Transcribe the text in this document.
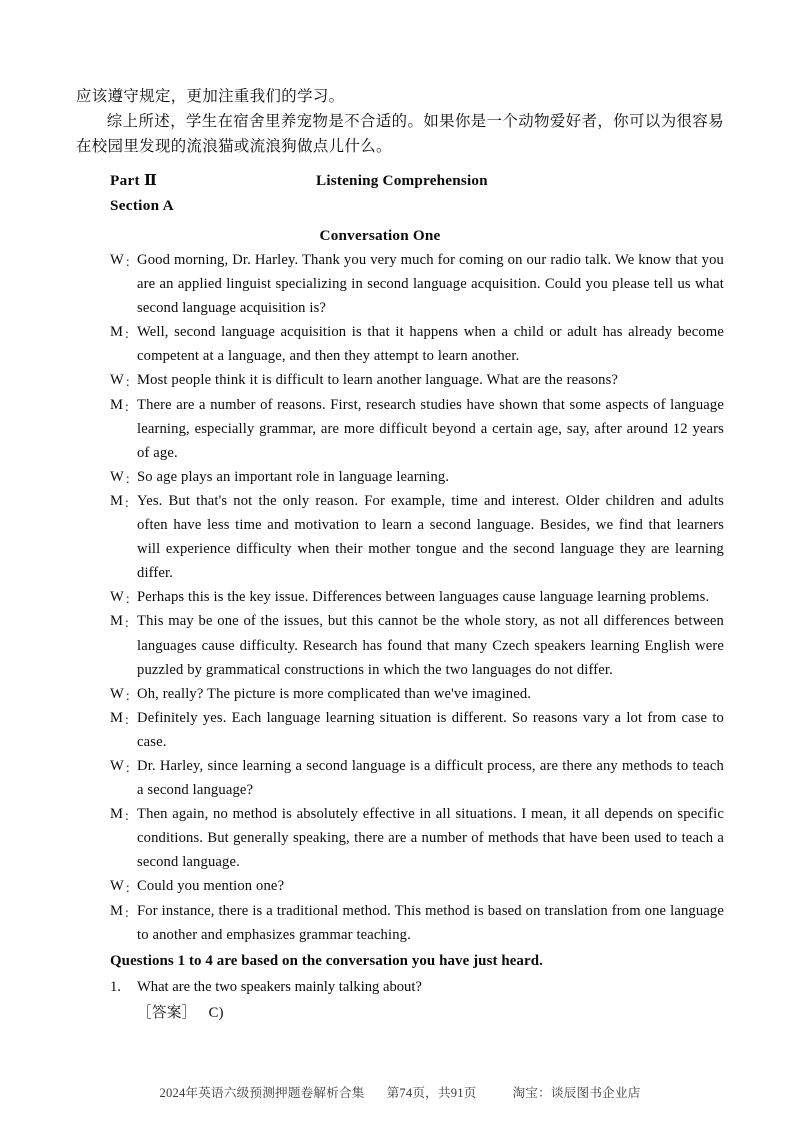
应该遵守规定，更加注重我们的学习。

综上所述，学生在宿舍里养宠物是不合适的。如果你是一个动物爱好者，你可以为很容易在校园里发现的流浪猫或流浪狗做点儿什么。

Part Ⅱ	Listening Comprehension
Section A
Conversation One

W： Good morning, Dr. Harley. Thank you very much for coming on our radio talk. We know that you are an applied linguist specializing in second language acquisition. Could you please tell us what second language acquisition is?

M： Well, second language acquisition is that it happens when a child or adult has already become competent at a language, and then they attempt to learn another.

W： Most people think it is difficult to learn another language. What are the reasons?

M： There are a number of reasons. First, research studies have shown that some aspects of language learning, especially grammar, are more difficult beyond a certain age, say, after around 12 years of age.

W： So age plays an important role in language learning.

M： Yes. But that's not the only reason. For example, time and interest. Older children and adults often have less time and motivation to learn a second language. Besides, we find that learners will experience difficulty when their mother tongue and the second language they are learning differ.

W： Perhaps this is the key issue. Differences between languages cause language learning problems.

M： This may be one of the issues, but this cannot be the whole story, as not all differences between languages cause difficulty. Research has found that many Czech speakers learning English were puzzled by grammatical constructions in which the two languages do not differ.

W： Oh, really? The picture is more complicated than we've imagined.

M： Definitely yes. Each language learning situation is different. So reasons vary a lot from case to case.

W： Dr. Harley, since learning a second language is a difficult process, are there any methods to teach a second language?

M： Then again, no method is absolutely effective in all situations. I mean, it all depends on specific conditions. But generally speaking, there are a number of methods that have been used to teach a second language.

W： Could you mention one?

M： For instance, there is a traditional method. This method is based on translation from one language to another and emphasizes grammar teaching.

Questions 1 to 4 are based on the conversation you have just heard.
1. What are the two speakers mainly talking about?
［答案］ C)
2024年英语六级预测押题卷解析合集 第74页，共91页	淘宝：谈辰图书企业店
